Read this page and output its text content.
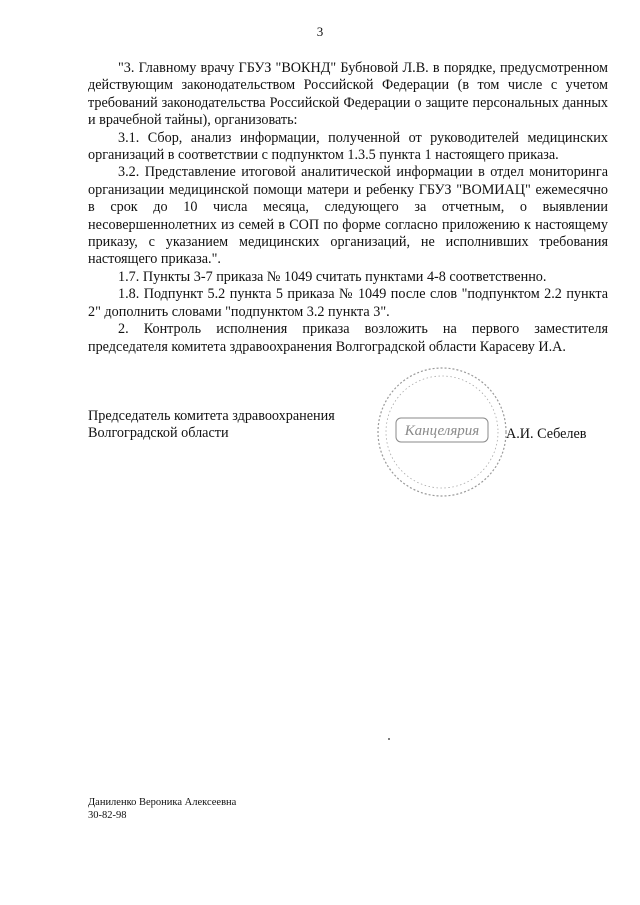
3

"3. Главному врачу ГБУЗ "ВОКНД" Бубновой Л.В. в порядке, предусмотренном действующим законодательством Российской Федерации (в том числе с учетом требований законодательства Российской Федерации о защите персональных данных и врачебной тайны), организовать:

3.1. Сбор, анализ информации, полученной от руководителей медицинских организаций в соответствии с подпунктом 1.3.5 пункта 1 настоящего приказа.

3.2. Представление итоговой аналитической информации в отдел мониторинга организации медицинской помощи матери и ребенку ГБУЗ "ВОМИАЦ" ежемесячно в срок до 10 числа месяца, следующего за отчетным, о выявлении несовершеннолетних из семей в СОП по форме согласно приложению к настоящему приказу, с указанием медицинских организаций, не исполнивших требования настоящего приказа.".

1.7. Пункты 3-7 приказа № 1049 считать пунктами 4-8 соответственно.

1.8. Подпункт 5.2 пункта 5 приказа № 1049 после слов "подпунктом 2.2 пункта 2" дополнить словами "подпунктом 3.2 пункта 3".

2. Контроль исполнения приказа возложить на первого заместителя председателя комитета здравоохранения Волгоградской области Карасеву И.А.

Канцелярия
Председатель комитета здравоохранения Волгоградской области	А.И. Себелев
Даниленко Вероника Алексеевна
30-82-98
